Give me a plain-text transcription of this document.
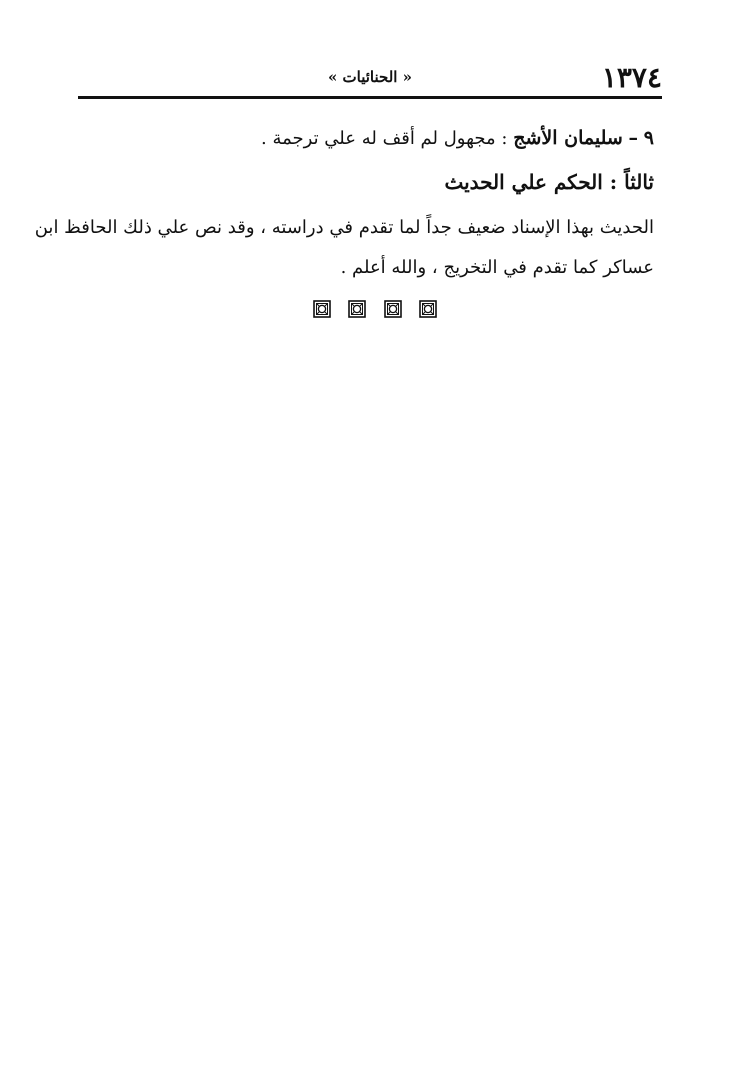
١٣٧٤
« الحنائيات »
٩ – سليمان الأشج : مجهول لم أقف له علي ترجمة .
ثالثاً : الحكم علي الحديث
الحديث بهذا الإسناد ضعيف جداً لما تقدم في دراسته ، وقد نص علي ذلك الحافظ ابن
عساكر كما تقدم في التخريج ، والله أعلم .
